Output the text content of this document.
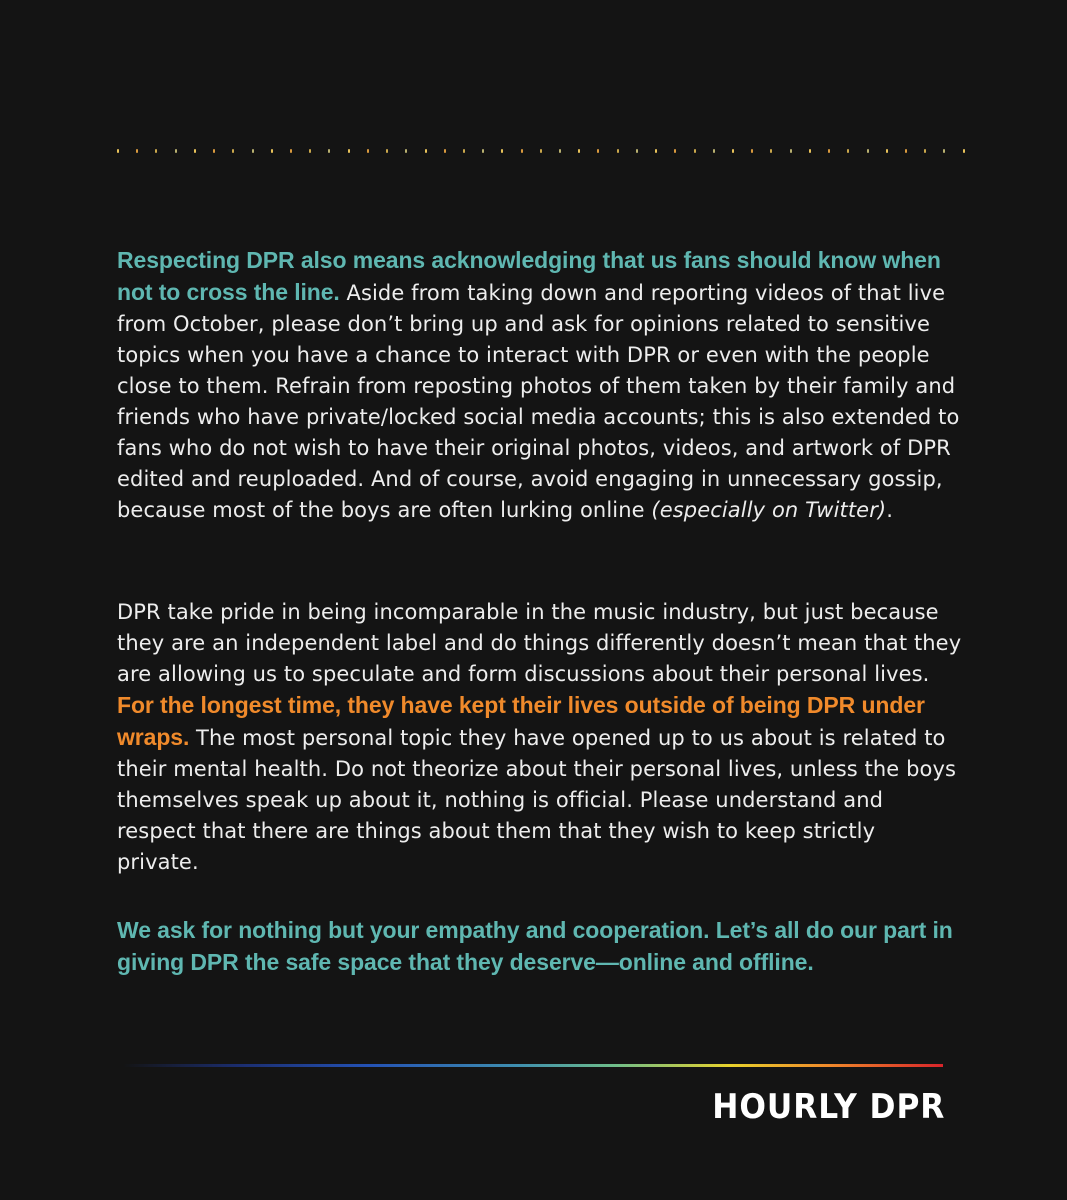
Respecting DPR also means acknowledging that us fans should know when not to cross the line. Aside from taking down and reporting videos of that live from October, please don’t bring up and ask for opinions related to sensitive topics when you have a chance to interact with DPR or even with the people close to them. Refrain from reposting photos of them taken by their family and friends who have private/locked social media accounts; this is also extended to fans who do not wish to have their original photos, videos, and artwork of DPR edited and reuploaded. And of course, avoid engaging in unnecessary gossip, because most of the boys are often lurking online (especially on Twitter).

DPR take pride in being incomparable in the music industry, but just because they are an independent label and do things differently doesn’t mean that they are allowing us to speculate and form discussions about their personal lives. For the longest time, they have kept their lives outside of being DPR under wraps. The most personal topic they have opened up to us about is related to their mental health. Do not theorize about their personal lives, unless the boys themselves speak up about it, nothing is official. Please understand and respect that there are things about them that they wish to keep strictly private.

We ask for nothing but your empathy and cooperation. Let’s all do our part in giving DPR the safe space that they deserve—online and offline.

HOURLY DPR
